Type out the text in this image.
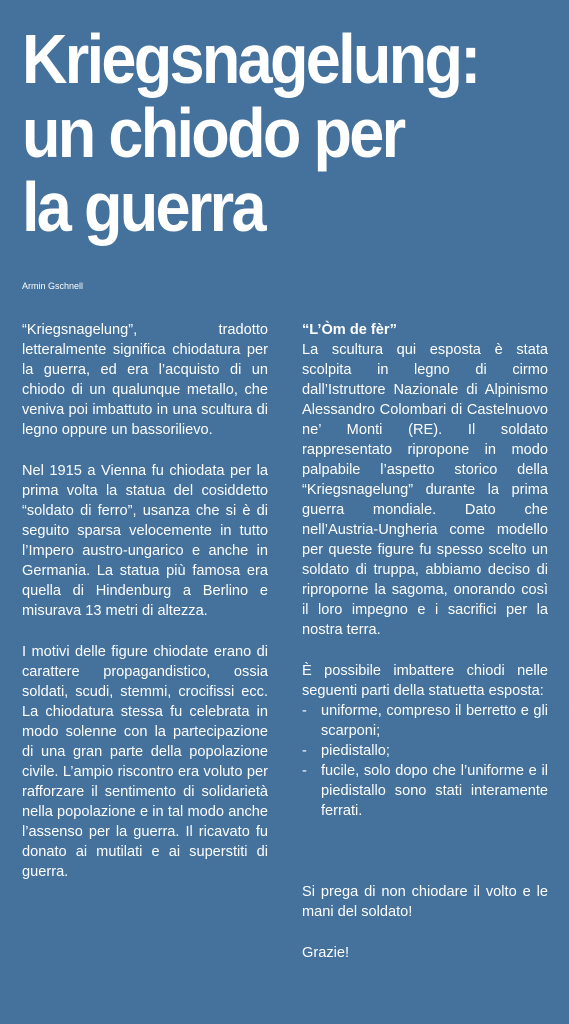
Kriegsnagelung:
un chiodo per
la guerra
Armin Gschnell

“Kriegsnagelung”, tradotto letteralmente significa chiodatura per la guerra, ed era l’acquisto di un chiodo di un qualunque metallo, che veniva poi imbattuto in una scultura di legno oppure un bassorilievo.

Nel 1915 a Vienna fu chiodata per la prima volta la statua del cosiddetto “soldato di ferro”, usanza che si è di seguito sparsa velocemente in tutto l’Impero austro-ungarico e anche in Germania. La statua più famosa era quella di Hindenburg a Berlino e misurava 13 metri di altezza.

I motivi delle figure chiodate erano di carattere propagandistico, ossia soldati, scudi, stemmi, crocifissi ecc. La chiodatura stessa fu celebrata in modo solenne con la partecipazione di una gran parte della popolazione civile. L’ampio riscontro era voluto per rafforzare il sentimento di solidarietà nella popolazione e in tal modo anche l’assenso per la guerra. Il ricavato fu donato ai mutilati e ai superstiti di guerra.

“L’Òm de fèr”
La scultura qui esposta è stata scolpita in legno di cirmo dall’Istruttore Nazionale di Alpinismo Alessandro Colombari di Castelnuovo ne’ Monti (RE). Il soldato rappresentato ripropone in modo palpabile l’aspetto storico della “Kriegsnagelung” durante la prima guerra mondiale. Dato che nell’Austria-Ungheria come modello per queste figure fu spesso scelto un soldato di truppa, abbiamo deciso di riproporne la sagoma, onorando così il loro impegno e i sacrifici per la nostra terra.

È possibile imbattere chiodi nelle seguenti parti della statuetta esposta:

- uniforme, compreso il berretto e gli scarponi;
- piedistallo;
- fucile, solo dopo che l’uniforme e il piedistallo sono stati interamente ferrati.

Si prega di non chiodare il volto e le mani del soldato!

Grazie!
